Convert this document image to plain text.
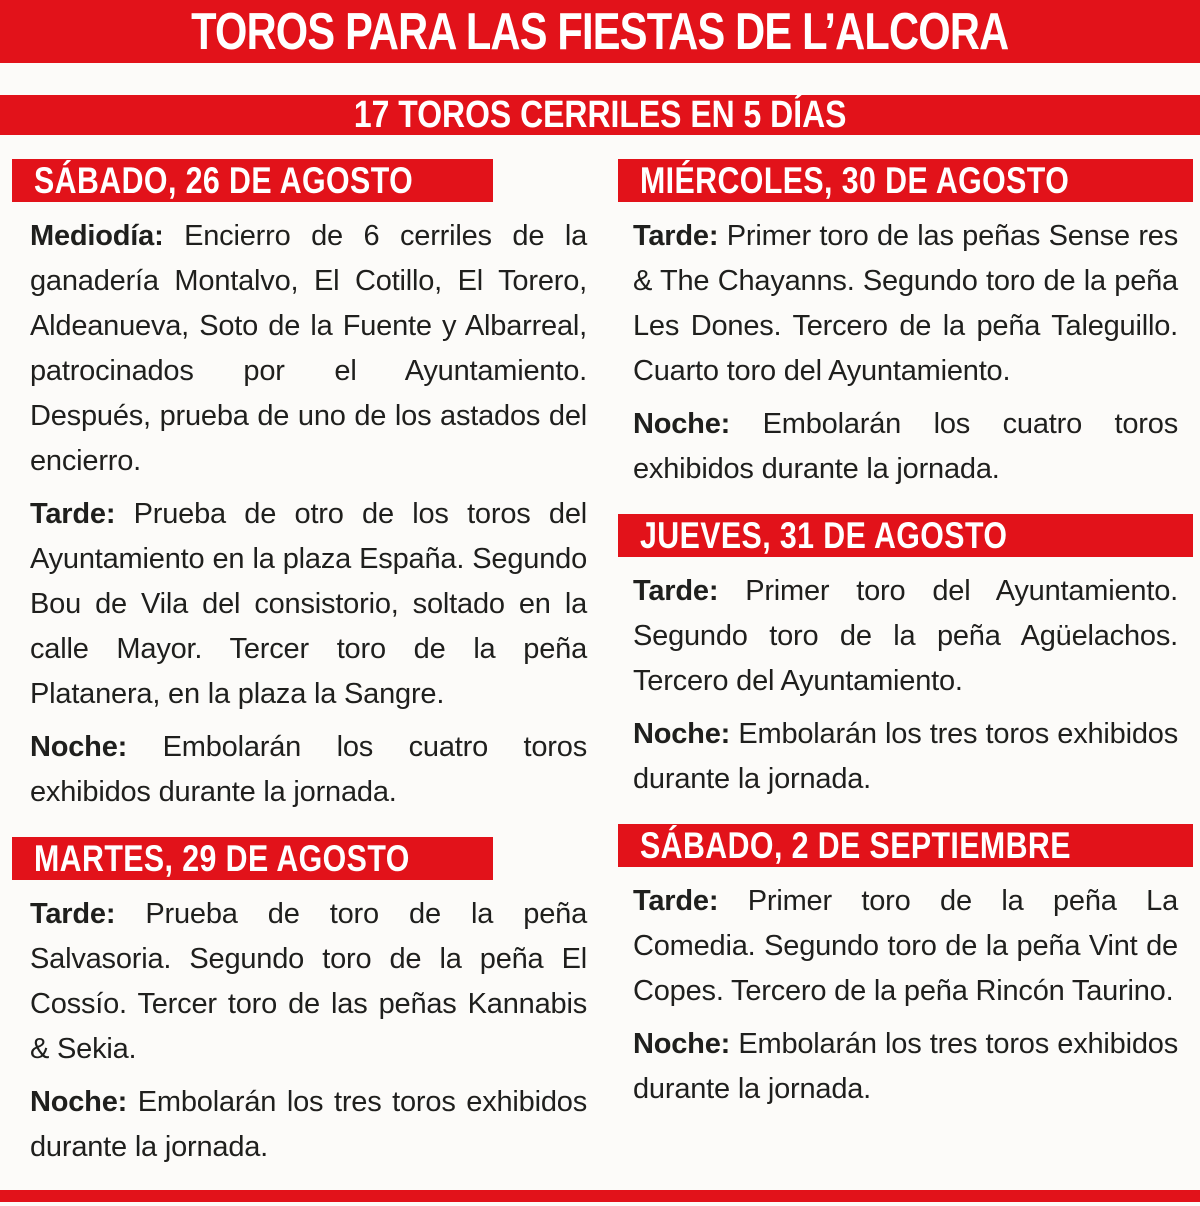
TOROS PARA LAS FIESTAS DE L’ALCORA
17 TOROS CERRILES EN 5 DÍAS
SÁBADO, 26 DE AGOSTO

Mediodía: Encierro de 6 cerriles de la ganadería Montalvo, El Cotillo, El Torero, Aldeanueva, Soto de la Fuente y Albarreal, patrocinados por el Ayuntamiento. Después, prueba de uno de los astados del encierro.

Tarde: Prueba de otro de los toros del Ayuntamiento en la plaza España. Segundo Bou de Vila del consistorio, soltado en la calle Mayor. Tercer toro de la peña Platanera, en la plaza la Sangre.

Noche: Embolarán los cuatro toros exhibidos durante la jornada.

MARTES, 29 DE AGOSTO

Tarde: Prueba de toro de la peña Salvasoria. Segundo toro de la peña El Cossío. Tercer toro de las peñas Kannabis & Sekia.

Noche: Embolarán los tres toros exhibidos durante la jornada.

MIÉRCOLES, 30 DE AGOSTO

Tarde: Primer toro de las peñas Sense res & The Chayanns. Segundo toro de la peña Les Dones. Tercero de la peña Taleguillo. Cuarto toro del Ayuntamiento.

Noche: Embolarán los cuatro toros exhibidos durante la jornada.

JUEVES, 31 DE AGOSTO

Tarde: Primer toro del Ayuntamiento. Segundo toro de la peña Agüelachos. Tercero del Ayuntamiento.

Noche: Embolarán los tres toros exhibidos durante la jornada.

SÁBADO, 2 DE SEPTIEMBRE

Tarde: Primer toro de la peña La Comedia. Segundo toro de la peña Vint de Copes. Tercero de la peña Rincón Taurino.

Noche: Embolarán los tres toros exhibidos durante la jornada.
